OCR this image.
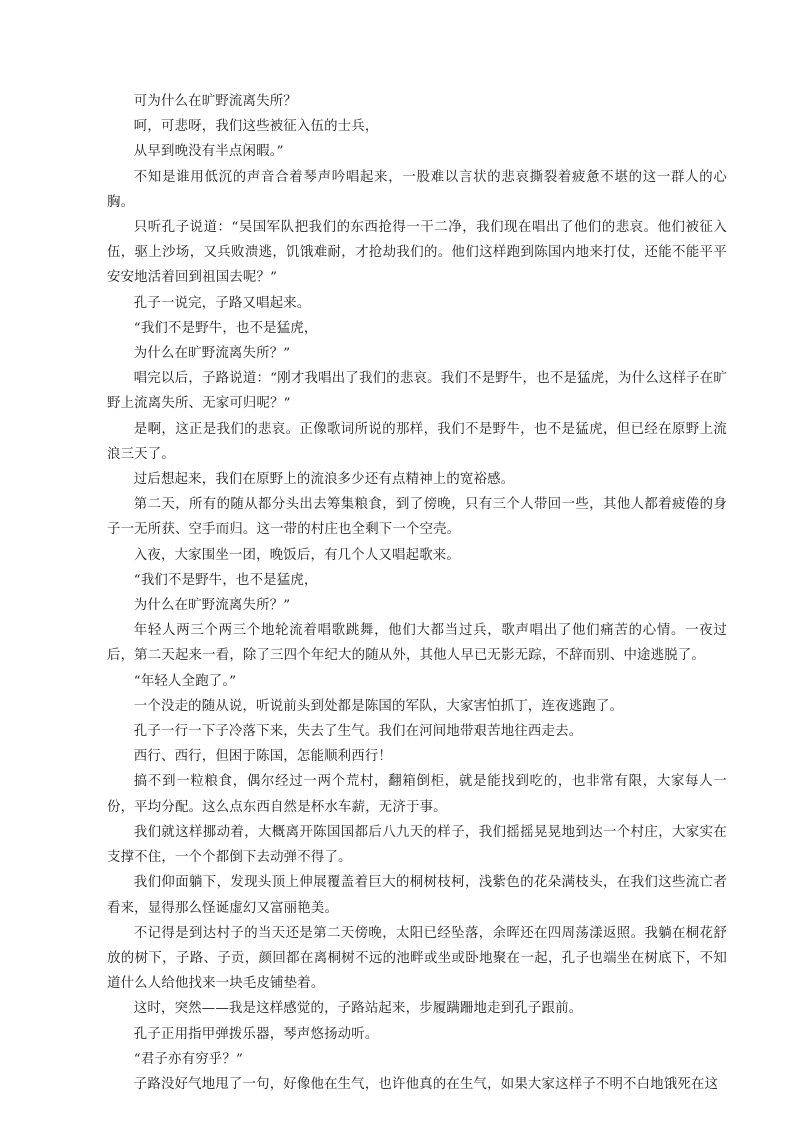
可为什么在旷野流离失所？

呵，可悲呀，我们这些被征入伍的士兵，

从早到晚没有半点闲暇。”

不知是谁用低沉的声音合着琴声吟唱起来，一股难以言状的悲哀撕裂着疲惫不堪的这一群人的心胸。

只听孔子说道：“吴国军队把我们的东西抢得一干二净，我们现在唱出了他们的悲哀。他们被征入伍，驱上沙场，又兵败溃逃，饥饿难耐，才抢劫我们的。他们这样跑到陈国内地来打仗，还能不能平平安安地活着回到祖国去呢？”

孔子一说完，子路又唱起来。

“我们不是野牛，也不是猛虎，

为什么在旷野流离失所？”

唱完以后，子路说道：“刚才我唱出了我们的悲哀。我们不是野牛，也不是猛虎，为什么这样子在旷野上流离失所、无家可归呢？”

是啊，这正是我们的悲哀。正像歌词所说的那样，我们不是野牛，也不是猛虎，但已经在原野上流浪三天了。

过后想起来，我们在原野上的流浪多少还有点精神上的宽裕感。

第二天，所有的随从都分头出去筹集粮食，到了傍晚，只有三个人带回一些，其他人都着疲倦的身子一无所获、空手而归。这一带的村庄也全剩下一个空壳。

入夜，大家围坐一团，晚饭后，有几个人又唱起歌来。

“我们不是野牛，也不是猛虎，

为什么在旷野流离失所？”

年轻人两三个两三个地轮流着唱歌跳舞，他们大都当过兵，歌声唱出了他们痛苦的心情。一夜过后，第二天起来一看，除了三四个年纪大的随从外，其他人早已无影无踪，不辞而别、中途逃脱了。

“年轻人全跑了。”

一个没走的随从说，听说前头到处都是陈国的军队，大家害怕抓丁，连夜逃跑了。

孔子一行一下子冷落下来，失去了生气。我们在河间地带艰苦地往西走去。

西行、西行，但困于陈国，怎能顺利西行！

搞不到一粒粮食，偶尔经过一两个荒村，翻箱倒柜，就是能找到吃的，也非常有限，大家每人一份，平均分配。这么点东西自然是杯水车薪，无济于事。

我们就这样挪动着，大概离开陈国国都后八九天的样子，我们摇摇晃晃地到达一个村庄，大家实在支撑不住，一个个都倒下去动弹不得了。

我们仰面躺下，发现头顶上伸展覆盖着巨大的桐树枝柯，浅紫色的花朵满枝头，在我们这些流亡者看来，显得那么怪诞虚幻又富丽艳美。

不记得是到达村子的当天还是第二天傍晚，太阳已经坠落，余晖还在四周荡漾返照。我躺在桐花舒放的树下，子路、子贡，颜回都在离桐树不远的池畔或坐或卧地聚在一起，孔子也端坐在树底下，不知道什么人给他找来一块毛皮铺垫着。

这时，突然——我是这样感觉的，子路站起来，步履蹒跚地走到孔子跟前。

孔子正用指甲弹拨乐器，琴声悠扬动听。

“君子亦有穷乎？”

子路没好气地甩了一句，好像他在生气，也许他真的在生气，如果大家这样子不明不白地饿死在这
